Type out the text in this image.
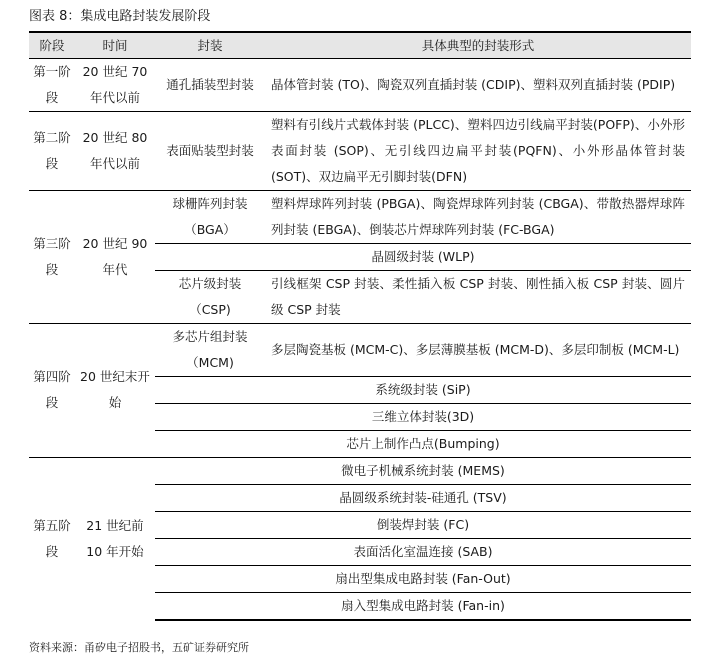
图表 8：集成电路封装发展阶段
阶段	时间	封装	具体典型的封装形式
第一阶段	20 世纪 70 年代以前	通孔插装型封装	晶体管封装 (TO)、陶瓷双列直插封装 (CDIP)、塑料双列直插封装 (PDIP)
第二阶段	20 世纪 80 年代以前	表面贴装型封装	塑料有引线片式载体封装 (PLCC)、塑料四边引线扁平封装(POFP)、小外形表面封装 (SOP)、无引线四边扁平封装(PQFN)、小外形晶体管封装 (SOT)、双边扁平无引脚封装(DFN)
第三阶段	20 世纪 90 年代	球栅阵列封装（BGA）	塑料焊球阵列封装 (PBGA)、陶瓷焊球阵列封装 (CBGA)、带散热器焊球阵列封装 (EBGA)、倒装芯片焊球阵列封装 (FC-BGA)
		晶圆级封装 (WLP)	
		芯片级封装（CSP)	引线框架 CSP 封装、柔性插入板 CSP 封装、刚性插入板 CSP 封装、圆片级 CSP 封装
第四阶段	20 世纪末开始	多芯片组封装（MCM)	多层陶瓷基板 (MCM-C)、多层薄膜基板 (MCM-D)、多层印制板 (MCM-L)
		系统级封装 (SiP)	
		三维立体封装(3D)	
		芯片上制作凸点(Bumping)	
第五阶段	21 世纪前 10 年开始	微电子机械系统封装 (MEMS)	
		晶圆级系统封装-硅通孔 (TSV)	
		倒装焊封装 (FC)	
		表面活化室温连接 (SAB)	
		扇出型集成电路封装 (Fan-Out)	
		扇入型集成电路封装 (Fan-in)	
资料来源：甬矽电子招股书，五矿证券研究所
